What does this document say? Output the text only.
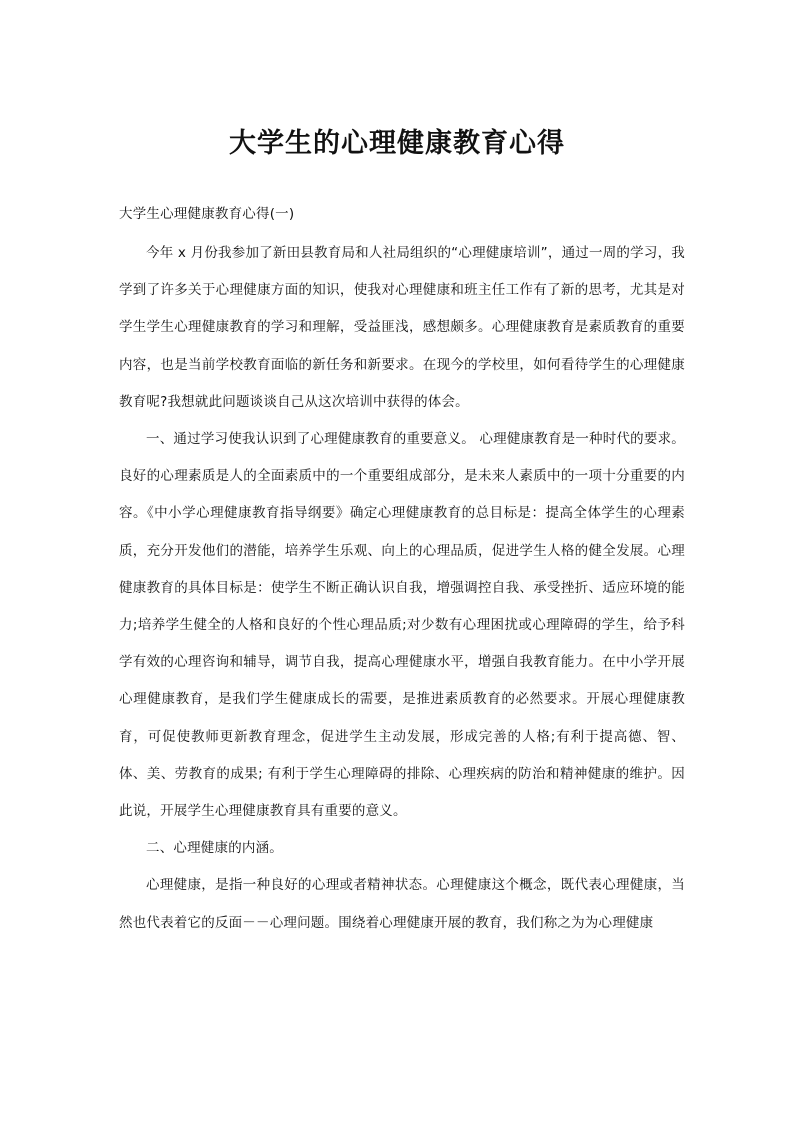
大学生的心理健康教育心得

大学生心理健康教育心得(一)

今年 x 月份我参加了新田县教育局和人社局组织的“心理健康培训”，通过一周的学习，我学到了许多关于心理健康方面的知识，使我对心理健康和班主任工作有了新的思考，尤其是对学生学生心理健康教育的学习和理解，受益匪浅，感想颇多。心理健康教育是素质教育的重要内容，也是当前学校教育面临的新任务和新要求。在现今的学校里，如何看待学生的心理健康教育呢?我想就此问题谈谈自己从这次培训中获得的体会。

一、通过学习使我认识到了心理健康教育的重要意义。 心理健康教育是一种时代的要求。良好的心理素质是人的全面素质中的一个重要组成部分，是未来人素质中的一项十分重要的内容。《中小学心理健康教育指导纲要》确定心理健康教育的总目标是：提高全体学生的心理素质，充分开发他们的潜能，培养学生乐观、向上的心理品质，促进学生人格的健全发展。心理健康教育的具体目标是：使学生不断正确认识自我，增强调控自我、承受挫折、适应环境的能力;培养学生健全的人格和良好的个性心理品质;对少数有心理困扰或心理障碍的学生，给予科学有效的心理咨询和辅导，调节自我，提高心理健康水平，增强自我教育能力。在中小学开展心理健康教育，是我们学生健康成长的需要，是推进素质教育的必然要求。开展心理健康教育，可促使教师更新教育理念，促进学生主动发展，形成完善的人格;有利于提高德、智、体、美、劳教育的成果; 有利于学生心理障碍的排除、心理疾病的防治和精神健康的维护。因此说，开展学生心理健康教育具有重要的意义。

二、心理健康的内涵。

心理健康，是指一种良好的心理或者精神状态。心理健康这个概念，既代表心理健康，当然也代表着它的反面－－心理问题。围绕着心理健康开展的教育，我们称之为为心理健康
